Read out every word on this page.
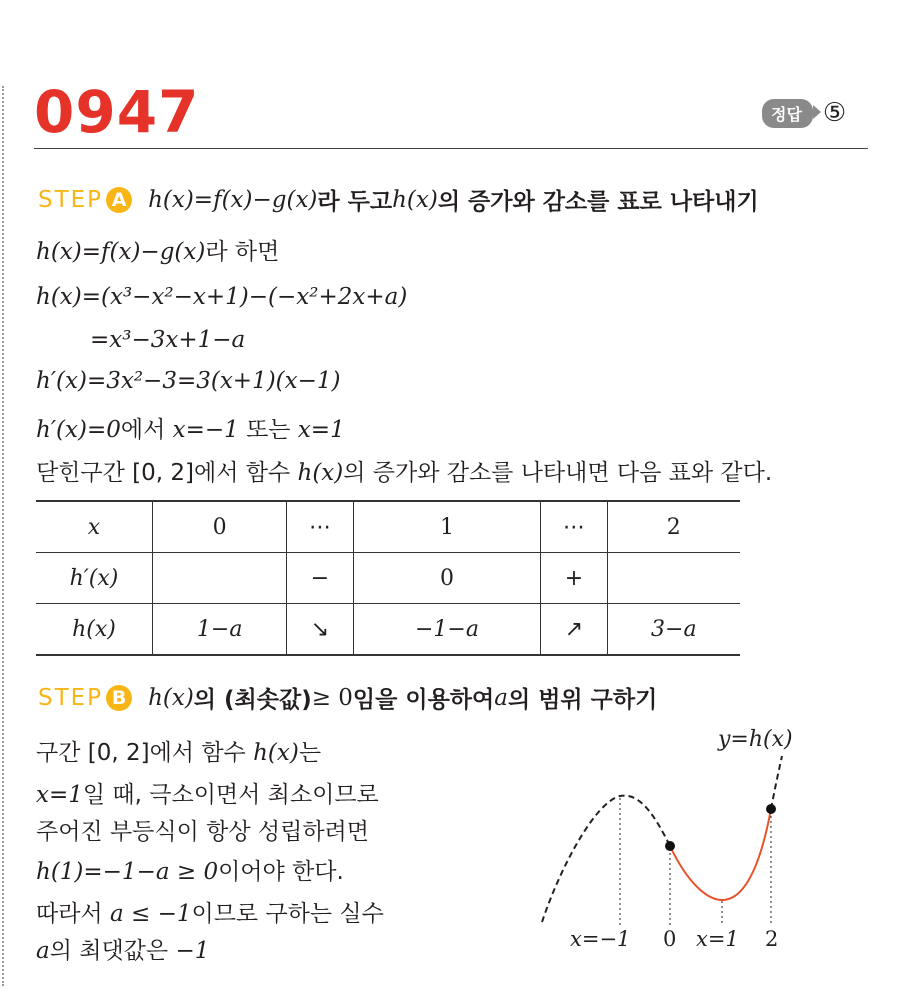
0947	정답 ⑤
STEP A h(x)=f(x)−g(x) 라 두고 h(x) 의 증가와 감소를 표로 나타내기
h(x)=f(x)−g(x)라 하면
h(x)=(x³−x²−x+1)−(−x²+2x+a)
=x³−3x+1−a
h′(x)=3x²−3=3(x+1)(x−1)
h′(x)=0에서 x=−1 또는 x=1
닫힌구간 [0, 2]에서 함수 h(x)의 증가와 감소를 나타내면 다음 표와 같다.
x	0	⋯	1	⋯	2
h′(x)		−	0	+	
h(x)	1−a	↘	−1−a	↗	3−a
STEP B h(x) 의 (최솟값) ≥ 0 임을 이용하여 a 의 범위 구하기
구간 [0, 2]에서 함수 h(x)는
x=1일 때, 극소이면서 최소이므로
주어진 부등식이 항상 성립하려면
h(1)=−1−a ≥ 0이어야 한다.
따라서 a ≤ −1이므로 구하는 실수
a의 최댓값은 −1
y=h(x)
x=−1 0 x=1 2
